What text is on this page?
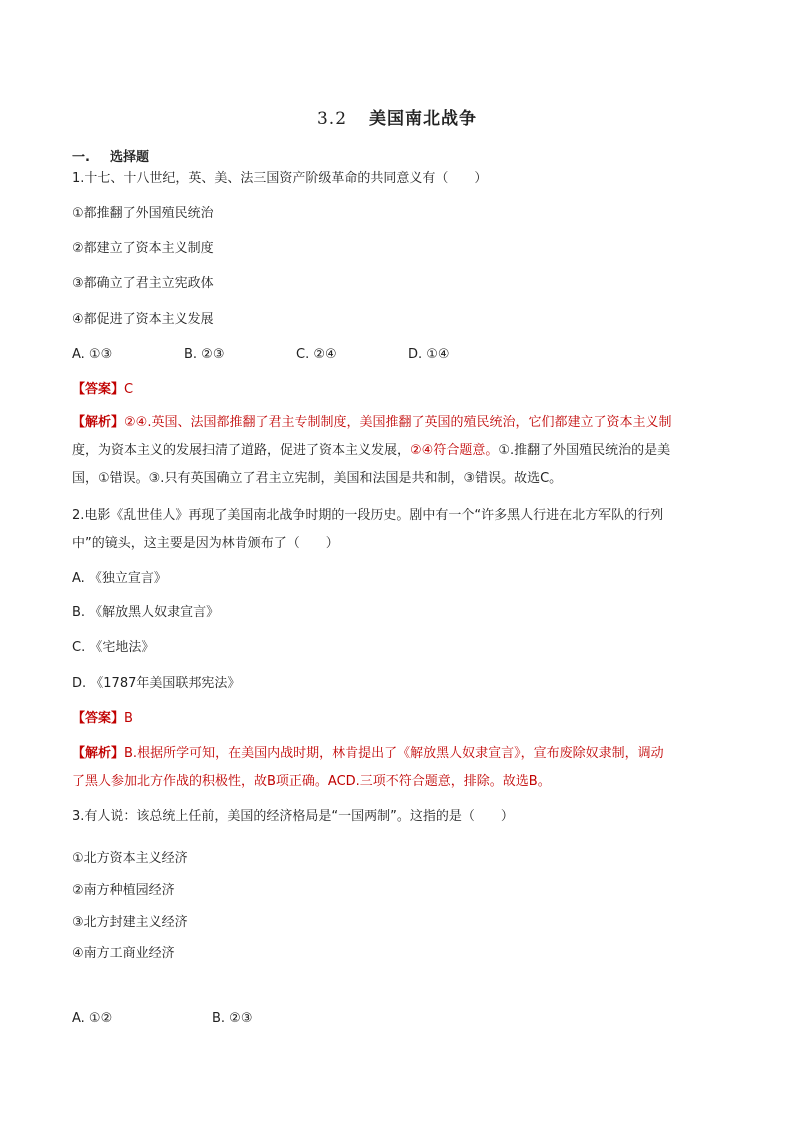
3.2 美国南北战争
一. 选择题
1.十七、十八世纪，英、美、法三国资产阶级革命的共同意义有（　　）
①都推翻了外国殖民统治
②都建立了资本主义制度
③都确立了君主立宪政体
④都促进了资本主义发展
A. ①③	B. ②③	C. ②④	D. ①④
【答案】C
【解析】②④.英国、法国都推翻了君主专制制度，美国推翻了英国的殖民统治，它们都建立了资本主义制
度，为资本主义的发展扫清了道路，促进了资本主义发展，②④符合题意。①.推翻了外国殖民统治的是美
国，①错误。③.只有英国确立了君主立宪制，美国和法国是共和制，③错误。故选C。
2.电影《乱世佳人》再现了美国南北战争时期的一段历史。剧中有一个“许多黑人行进在北方军队的行列
中”的镜头，这主要是因为林肯颁布了（　　）
A. 《独立宣言》
B. 《解放黑人奴隶宣言》
C. 《宅地法》
D. 《1787年美国联邦宪法》
【答案】B
【解析】B.根据所学可知，在美国内战时期，林肯提出了《解放黑人奴隶宣言》，宣布废除奴隶制，调动
了黑人参加北方作战的积极性，故B项正确。ACD.三项不符合题意，排除。故选B。
3.有人说：该总统上任前，美国的经济格局是“一国两制”。这指的是（　　）
①北方资本主义经济
②南方种植园经济
③北方封建主义经济
④南方工商业经济
A. ①②	B. ②③
